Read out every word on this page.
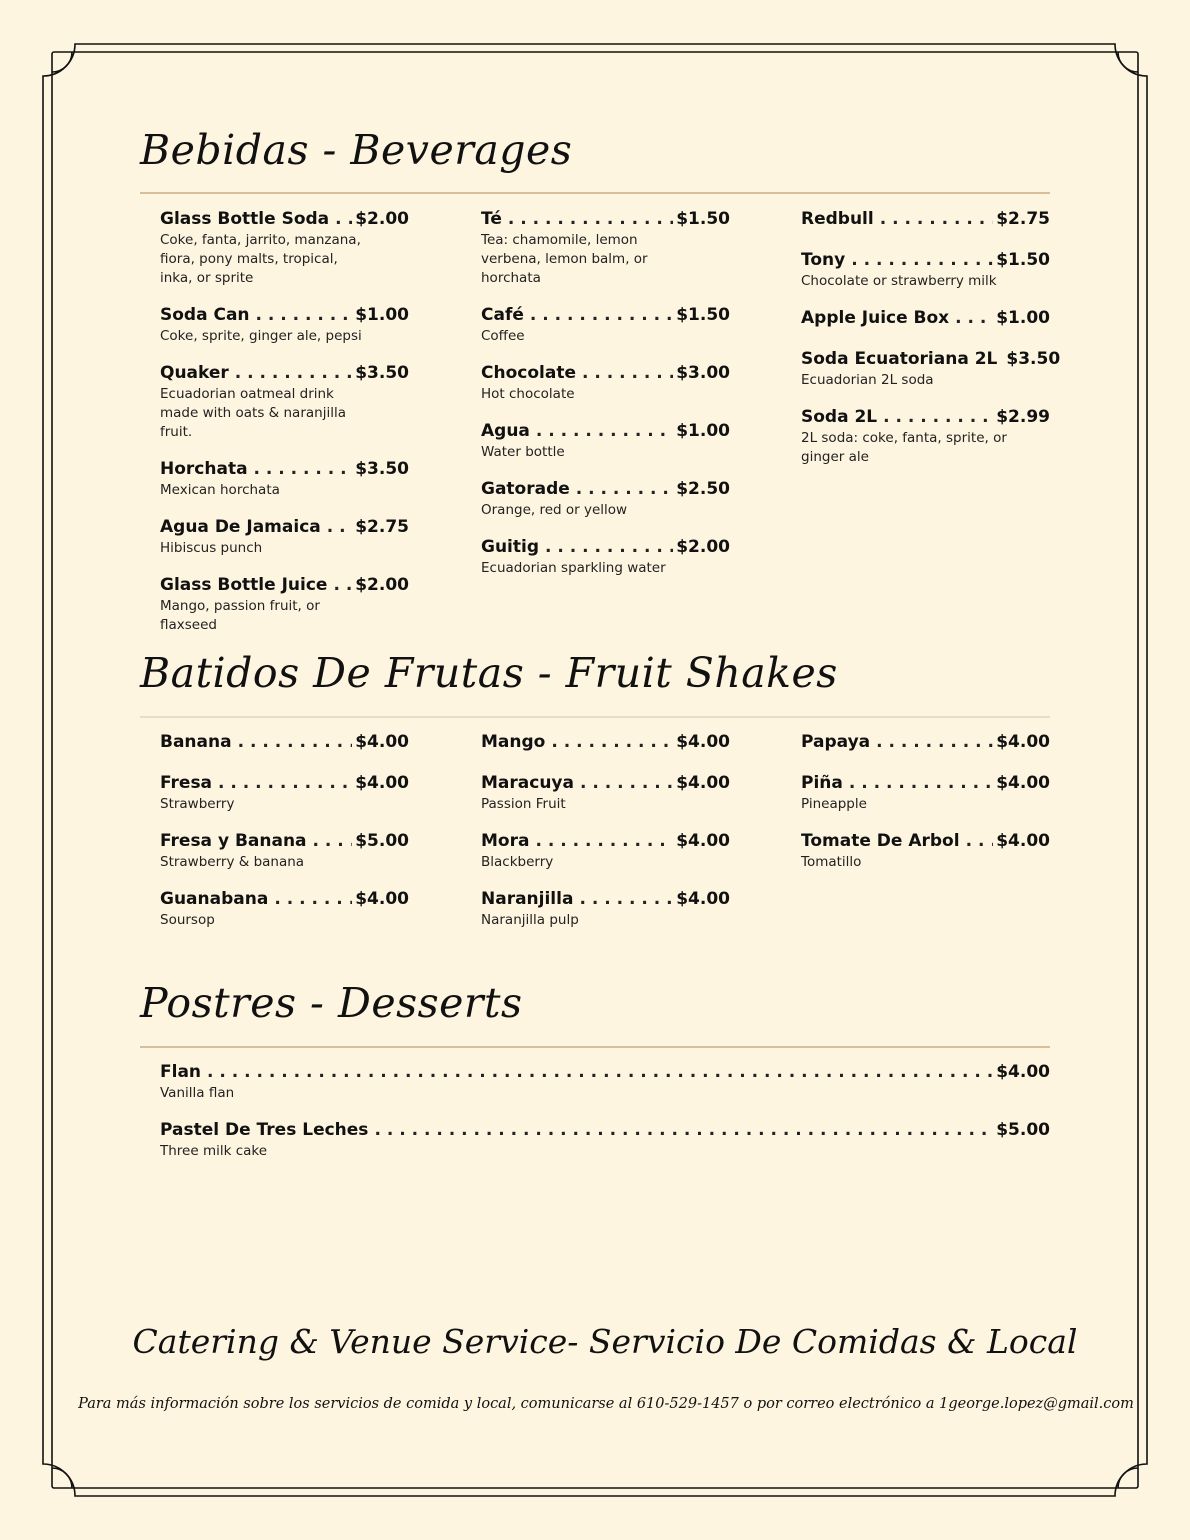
Bebidas - Beverages
Glass Bottle Soda . . . $2.00
Coke, fanta, jarrito, manzana, fiora, pony malts, tropical, inka, or sprite
Soda Can . . .	$1.00
Coke, sprite, ginger ale, pepsi
Quaker . . .	$3.50
Ecuadorian oatmeal drink made with oats & naranjilla fruit.
Horchata . . .	$3.50
Mexican horchata
Agua De Jamaica . . . $2.75
Hibiscus punch
Glass Bottle Juice . . . $2.00
Mango, passion fruit, or flaxseed
Té . . .	$1.50
Tea: chamomile, lemon verbena, lemon balm, or horchata
Café . . .	$1.50
Coffee
Chocolate . . .	$3.00
Hot chocolate
Agua . . .	$1.00
Water bottle
Gatorade . . .	$2.50
Orange, red or yellow
Guitig . . .	$2.00
Ecuadorian sparkling water
Redbull . . .	$2.75
Tony . . .	$1.50
Chocolate or strawberry milk
Apple Juice Box . . .	$1.00
Soda Ecuatoriana 2L $3.50
Ecuadorian 2L soda
Soda 2L . . .	$2.99
2L soda: coke, fanta, sprite, or ginger ale
Batidos De Frutas - Fruit Shakes
Banana . . .	$4.00
Fresa . . .	$4.00
Strawberry
Fresa y Banana . . .	$5.00
Strawberry & banana
Guanabana . . .	$4.00
Soursop
Mango . . .	$4.00
Maracuya . . .	$4.00
Passion Fruit
Mora . . .	$4.00
Blackberry
Naranjilla . . .	$4.00
Naranjilla pulp
Papaya . . .	$4.00
Piña . . .	$4.00
Pineapple
Tomate De Arbol . . . $4.00
Tomatillo
Postres - Desserts
Flan . . .	$4.00
Vanilla flan
Pastel De Tres Leches . . .	$5.00
Three milk cake
Catering & Venue Service- Servicio De Comidas & Local
Para más información sobre los servicios de comida y local, comunicarse al 610-529-1457 o por correo electrónico a 1george.lopez@gmail.com
